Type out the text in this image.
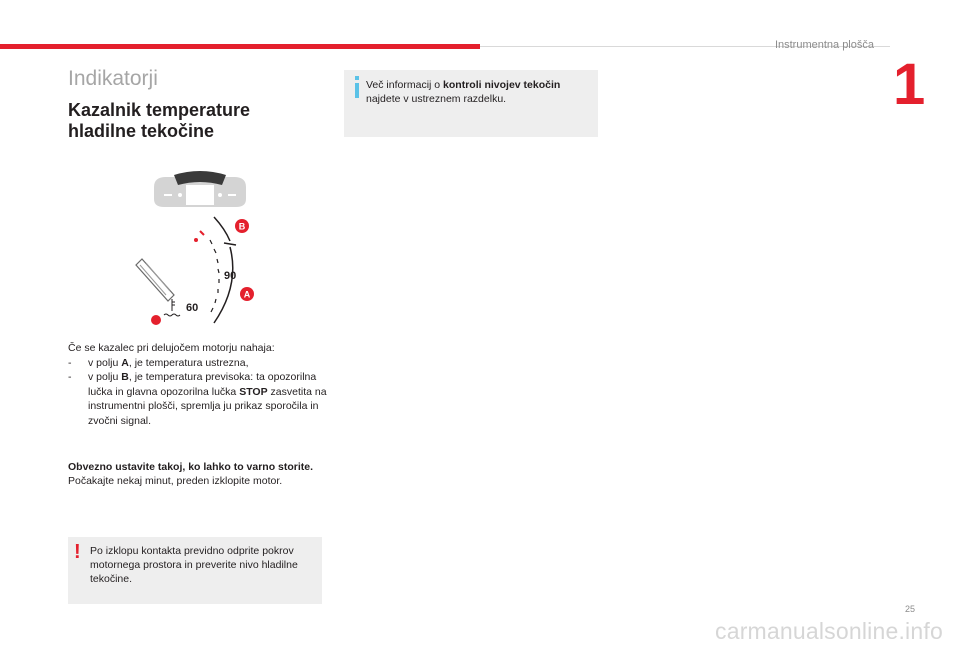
Instrumentna plošča
1
Indikatorji
Kazalnik temperature
hladilne tekočine
90
60
B
A

Če se kazalec pri delujočem motorju nahaja:

-	v polju A, je temperatura ustrezna,
-	v polju B, je temperatura previsoka: ta opozorilna lučka in glavna opozorilna lučka STOP zasvetita na instrumentni plošči, spremlja ju prikaz sporočila in zvočni signal.
Obvezno ustavite takoj, ko lahko to varno storite.
Počakajte nekaj minut, preden izklopite motor.
! Po izklopu kontakta previdno odprite pokrov motornega prostora in preverite nivo hladilne tekočine.
Več informacij o kontroli nivojev tekočin najdete v ustreznem razdelku.
25
carmanualsonline.info
